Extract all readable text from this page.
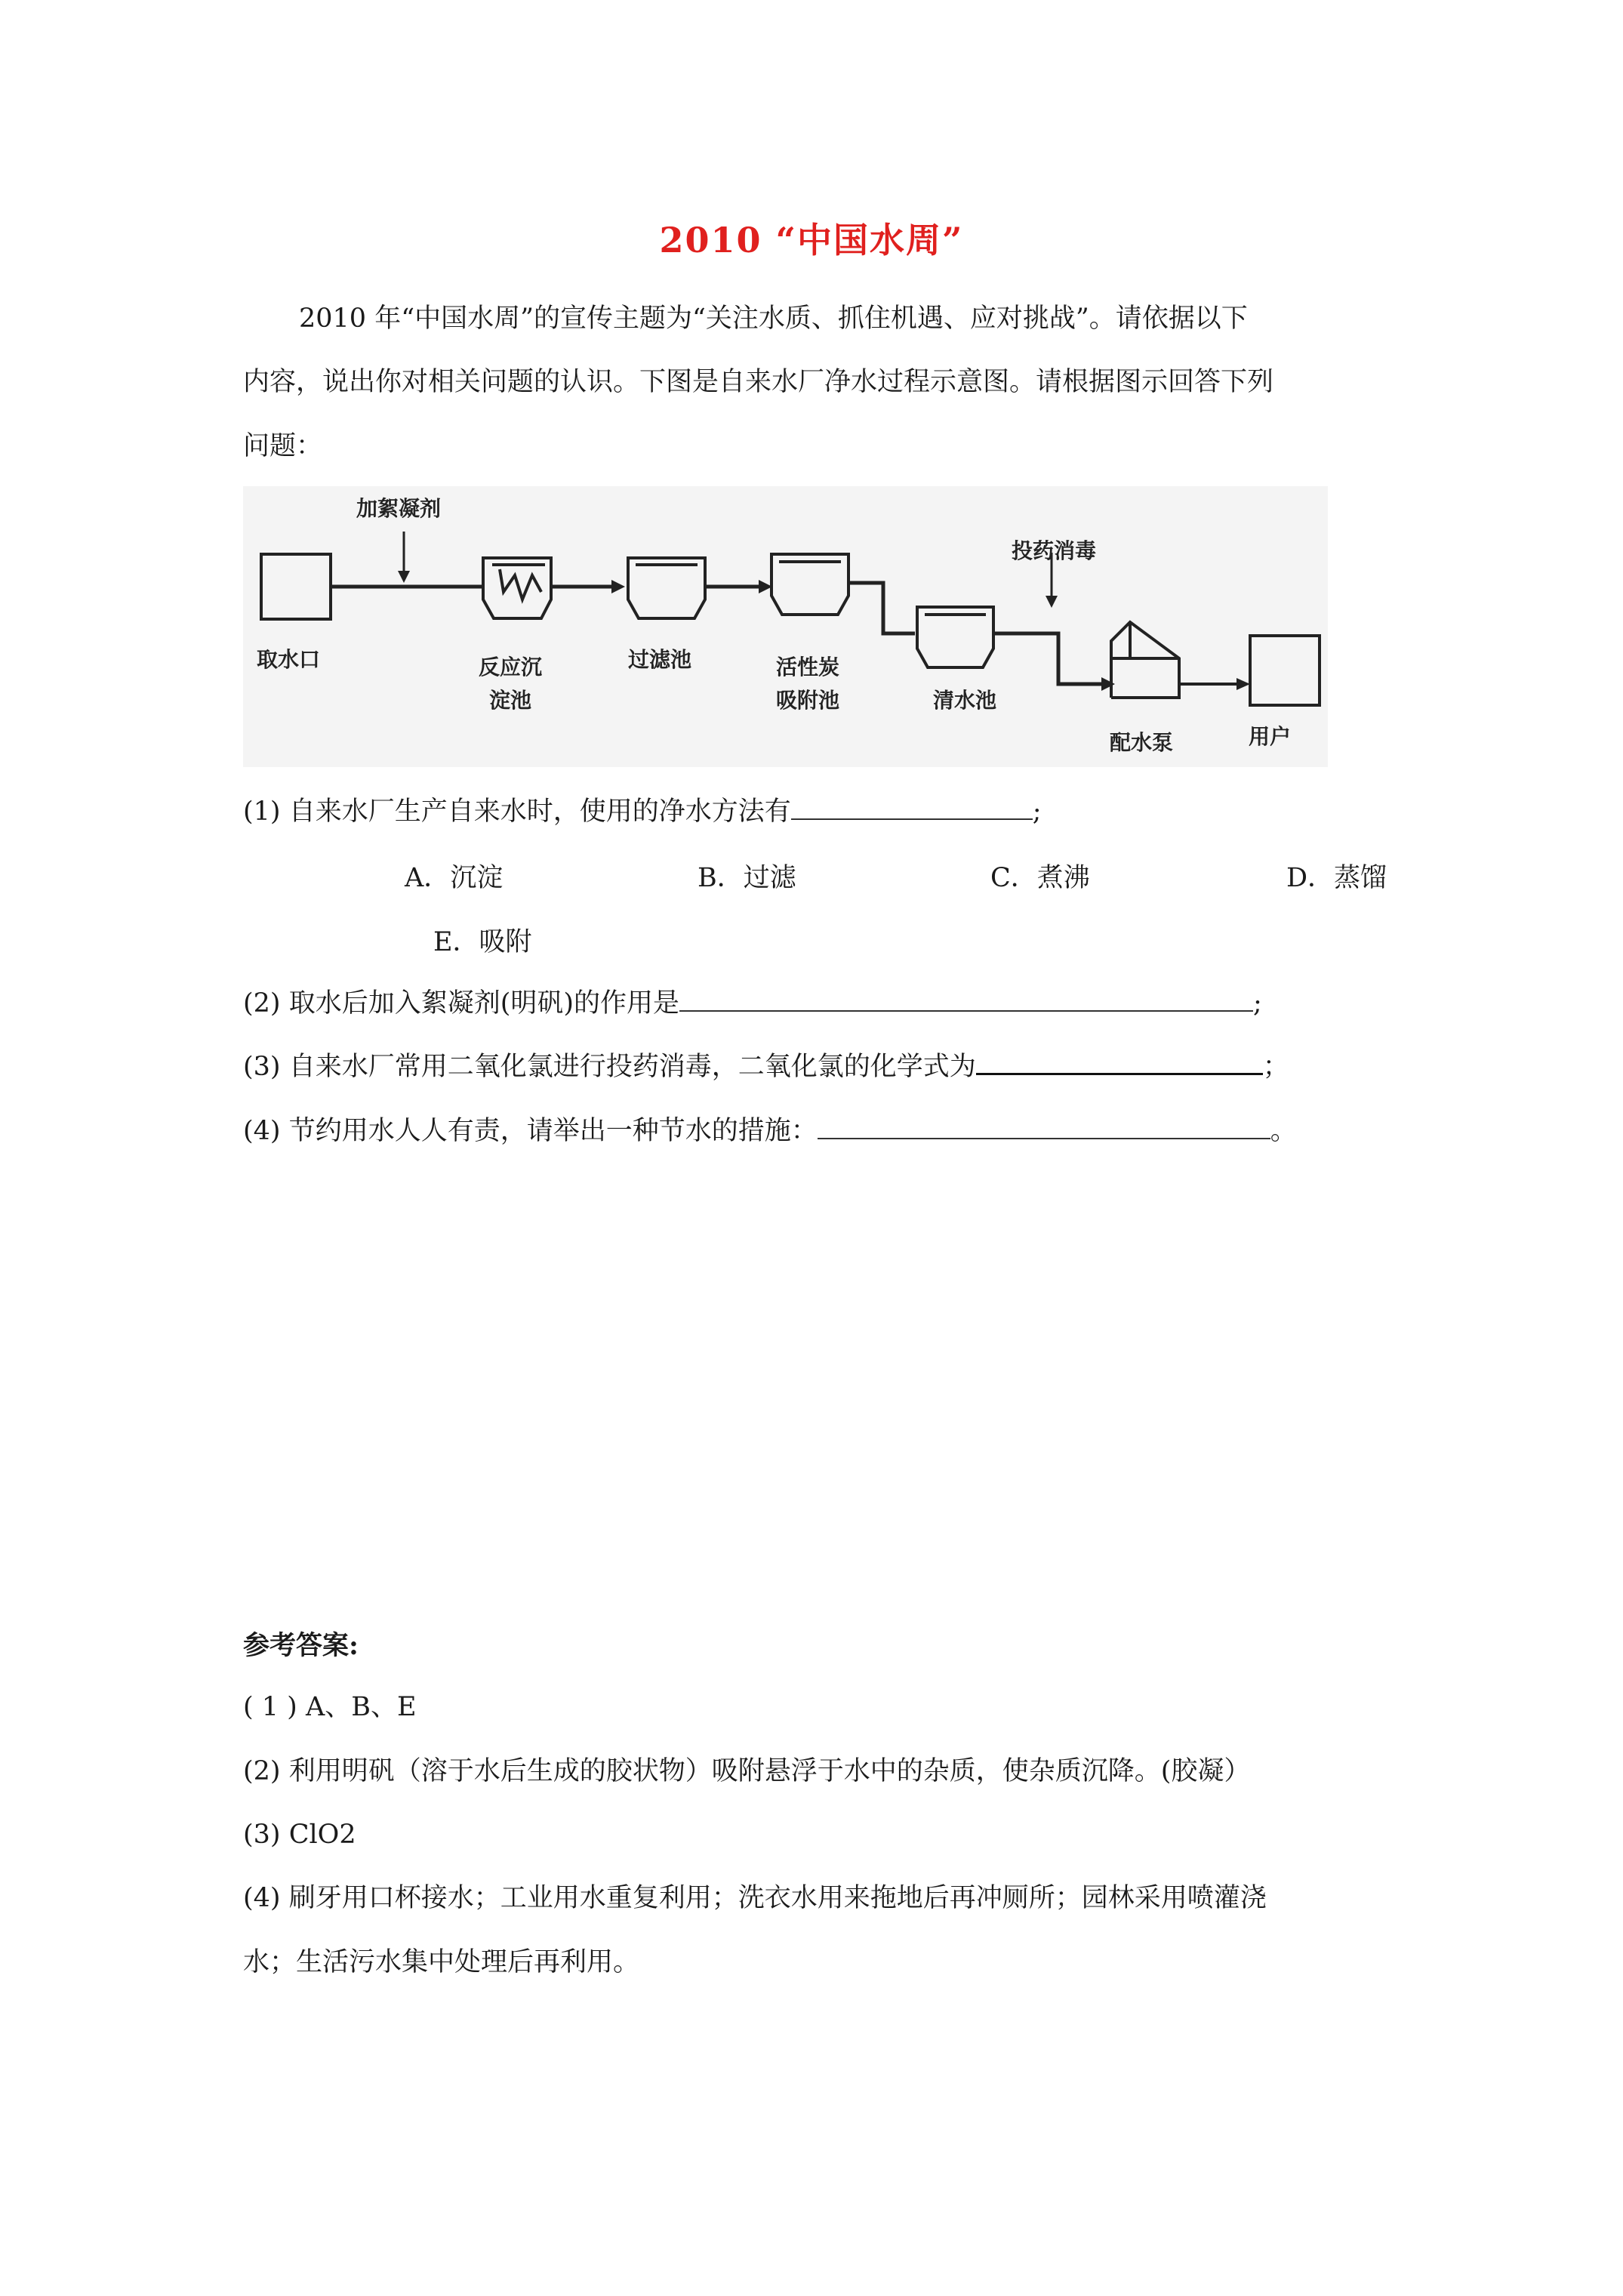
2010 “中国水周”
2010 年“中国水周”的宣传主题为“关注水质、抓住机遇、应对挑战”。请依据以下
内容，说出你对相关问题的认识。下图是自来水厂净水过程示意图。请根据图示回答下列
问题：
加絮凝剂
投药消毒
取水口	反应沉
淀池
过滤池	活性炭
吸附池	清水池
配水泵	用户
(1) 自来水厂生产自来水时，使用的净水方法有	;
A．沉淀	B．过滤	C．煮沸	D．蒸馏
E．吸附
(2) 取水后加入絮凝剂(明矾)的作用是	;
(3) 自来水厂常用二氧化氯进行投药消毒，二氧化氯的化学式为	；
(4) 节约用水人人有责，请举出一种节水的措施：	。
参考答案:
( 1 ) A、B、E
(2) 利用明矾（溶于水后生成的胶状物）吸附悬浮于水中的杂质，使杂质沉降。(胶凝）
(3) ClO2
(4) 刷牙用口杯接水；工业用水重复利用；洗衣水用来拖地后再冲厕所；园林采用喷灌浇
水；生活污水集中处理后再利用。
